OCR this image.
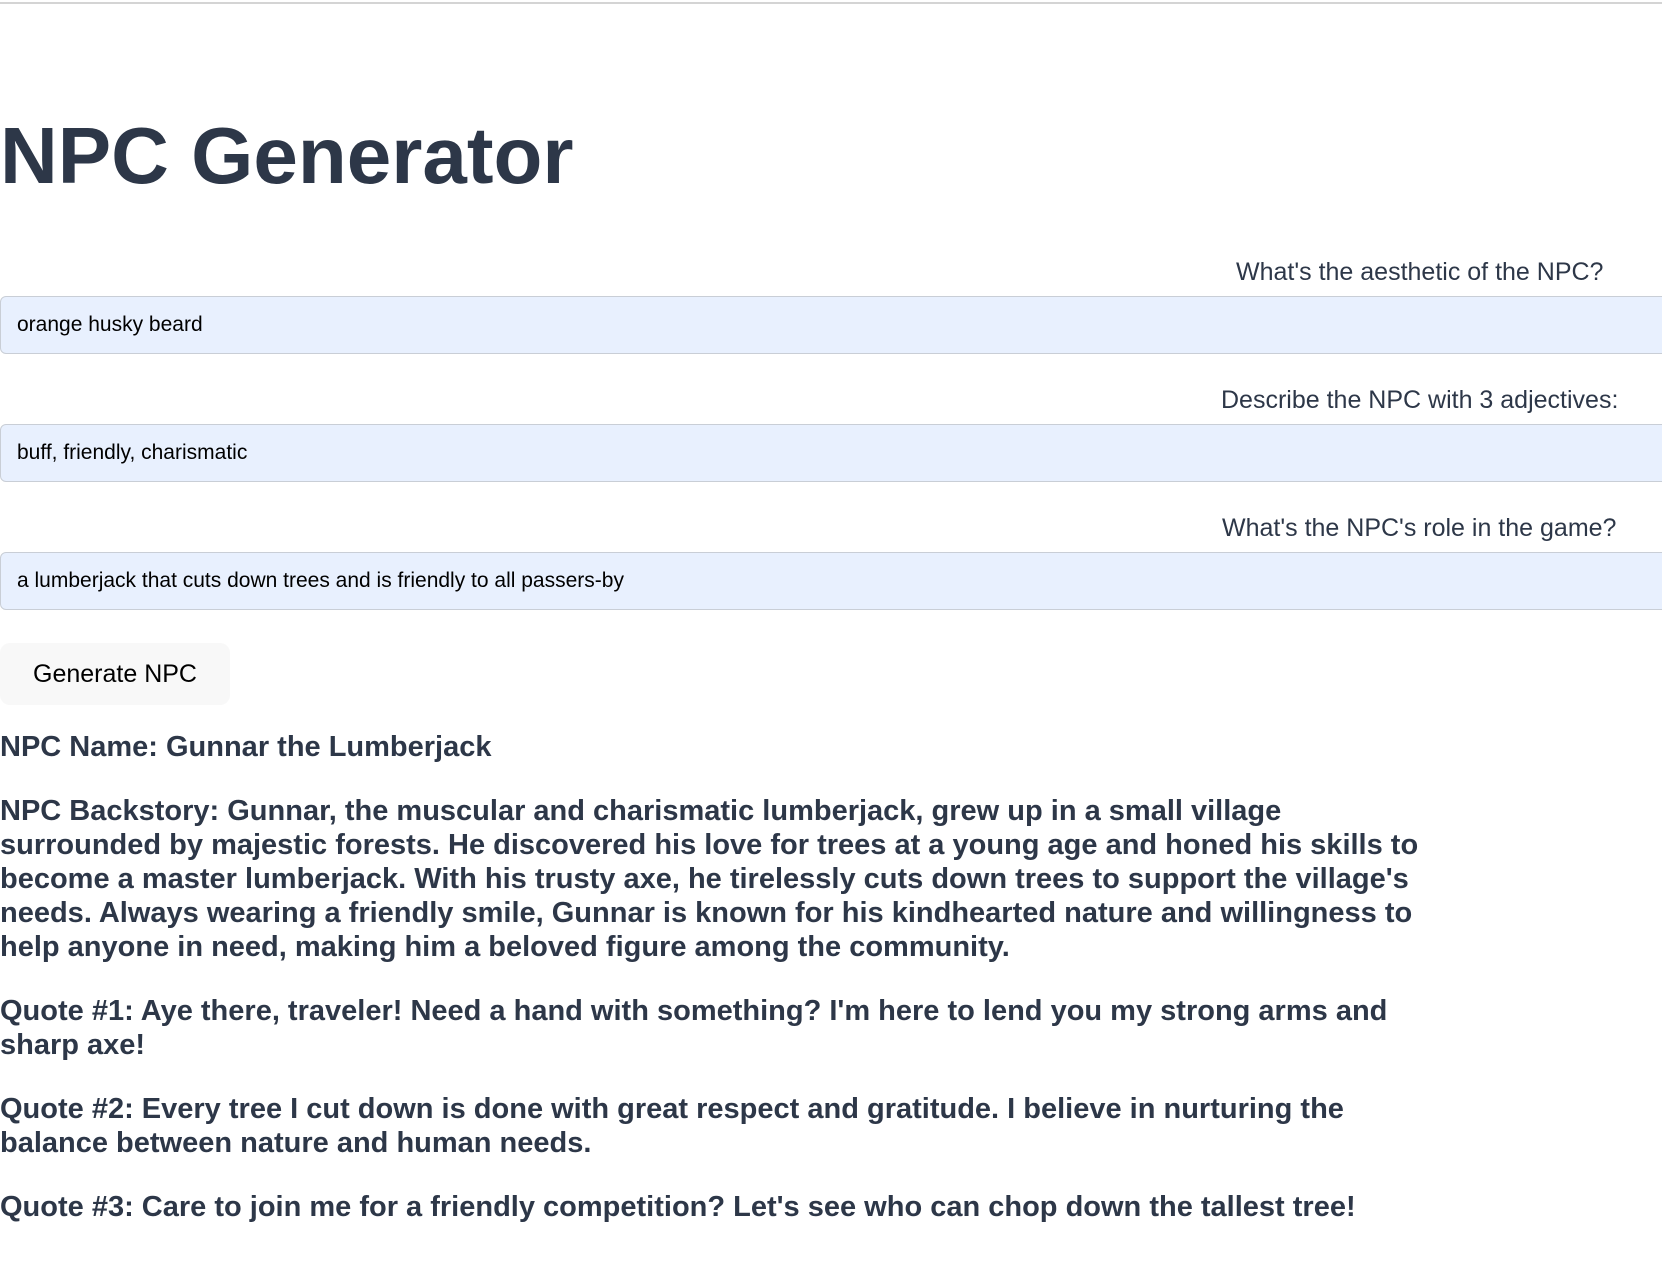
NPC Generator
What's the aesthetic of the NPC?
orange husky beard
Describe the NPC with 3 adjectives:
buff, friendly, charismatic
What's the NPC's role in the game?
a lumberjack that cuts down trees and is friendly to all passers-by
Generate NPC

NPC Name: Gunnar the Lumberjack

NPC Backstory: Gunnar, the muscular and charismatic lumberjack, grew up in a small village surrounded by majestic forests. He discovered his love for trees at a young age and honed his skills to become a master lumberjack. With his trusty axe, he tirelessly cuts down trees to support the village's needs. Always wearing a friendly smile, Gunnar is known for his kindhearted nature and willingness to help anyone in need, making him a beloved figure among the community.

Quote #1: Aye there, traveler! Need a hand with something? I'm here to lend you my strong arms and sharp axe!

Quote #2: Every tree I cut down is done with great respect and gratitude. I believe in nurturing the balance between nature and human needs.

Quote #3: Care to join me for a friendly competition? Let's see who can chop down the tallest tree!
